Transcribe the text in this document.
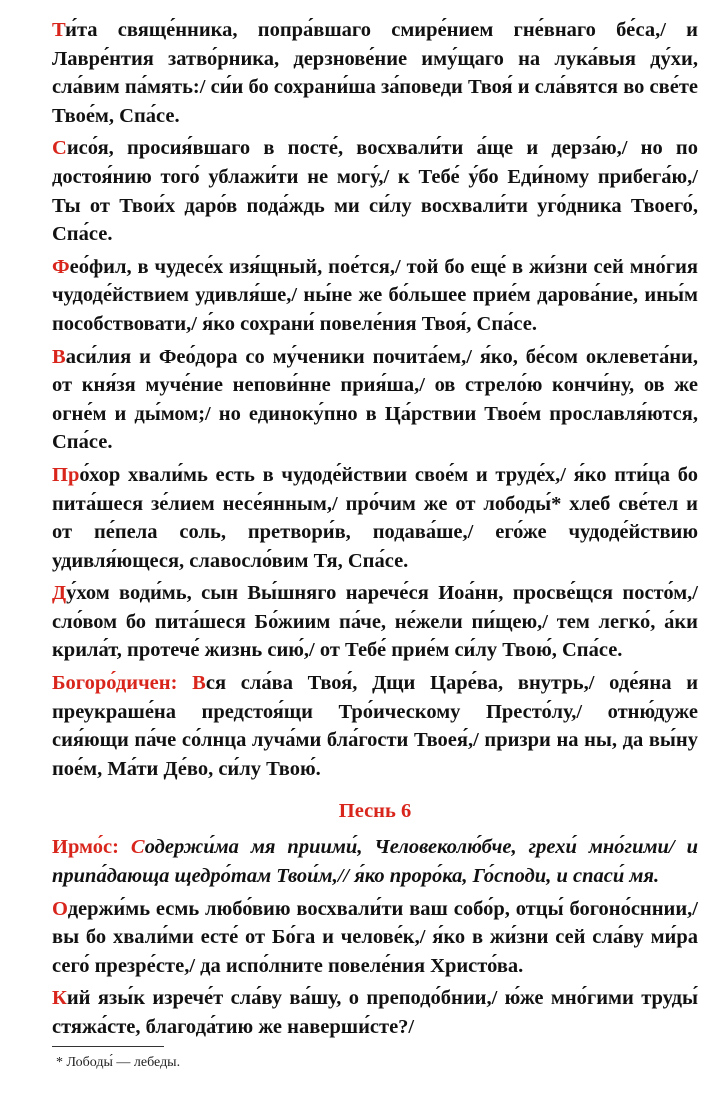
Ти́та свяще́нника, попра́вшаго смире́нием гне́внаго бе́са,/ и Лавре́нтия затво́рника, дерзнове́ние иму́щаго на лука́выя ду́хи, сла́вим па́мять:/ си́и бо сохрани́ша за́поведи Твоя́ и сла́вятся во све́те Твое́м, Спа́се.

Сисо́я, просия́вшаго в посте́, восхвали́ти а́ще и дерза́ю,/ но по достоя́нию того́ ублажи́ти не могу́,/ к Тебе́ у́бо Еди́ному прибега́ю,/ Ты от Твои́х даро́в пода́ждь ми си́лу восхвали́ти уго́дника Твоего́, Спа́се.

Фео́фил, в чудесе́х изя́щный, пое́тся,/ той бо еще́ в жи́зни сей мно́гия чудоде́йствием удивля́ше,/ ны́не же бо́льшее прие́м дарова́ние, ины́м пособствовати,/ я́ко сохрани́ повеле́ния Твоя́, Спа́се.

Васи́лия и Фео́дора со му́ченики почита́ем,/ я́ко, бе́сом оклевета́ни, от кня́зя муче́ние непови́нне прия́ша,/ ов стрело́ю кончи́ну, ов же огне́м и ды́мом;/ но единоку́пно в Ца́рствии Твое́м прославля́ются, Спа́се.

Про́хор хвали́мь есть в чудоде́йствии свое́м и труде́х,/ я́ко пти́ца бо пита́шеся зе́лием несе́янным,/ про́чим же от лободы́* хлеб све́тел и от пе́пела соль, претвори́в, подава́ше,/ его́же чудоде́йствию удивля́ющеся, славосло́вим Тя, Спа́се.

Ду́хом води́мь, сын Вы́шняго нарече́ся Иоа́нн, просве́щся посто́м,/ сло́вом бо пита́шеся Бо́жиим па́че, не́жели пи́щею,/ тем легко́, а́ки крила́т, протече́ жизнь сию́,/ от Тебе́ прие́м си́лу Твою́, Спа́се.

Богоро́дичен: Вся сла́ва Твоя́, Дщи Царе́ва, внутрь,/ оде́яна и преукраше́на предстоя́щи Тро́ическому Престо́лу,/ отню́дуже сия́ющи па́че со́лнца луча́ми бла́гости Твоея́,/ призри на ны, да вы́ну пое́м, Ма́ти Де́во, си́лу Твою́.

Песнь 6

Ирмо́с: Содержи́ма мя приими́, Человеколю́бче, грехи́ мно́гими/ и припа́дающа щедро́там Твои́м,// я́ко проро́ка, Го́споди, и спаси́ мя.

Одержи́мь есмь любо́вию восхвали́ти ваш собо́р, отцы́ богоно́сннии,/ вы бо хвали́ми есте́ от Бо́га и челове́к,/ я́ко в жи́зни сей сла́ву ми́ра сего́ презре́сте,/ да испо́лните повеле́ния Христо́ва.

Кий язы́к изрече́т сла́ву ва́шу, о преподо́бнии,/ ю́же мно́гими труды́ стяжа́сте, благода́тию же наверши́сте?/

* Лободы́ — лебеды.
